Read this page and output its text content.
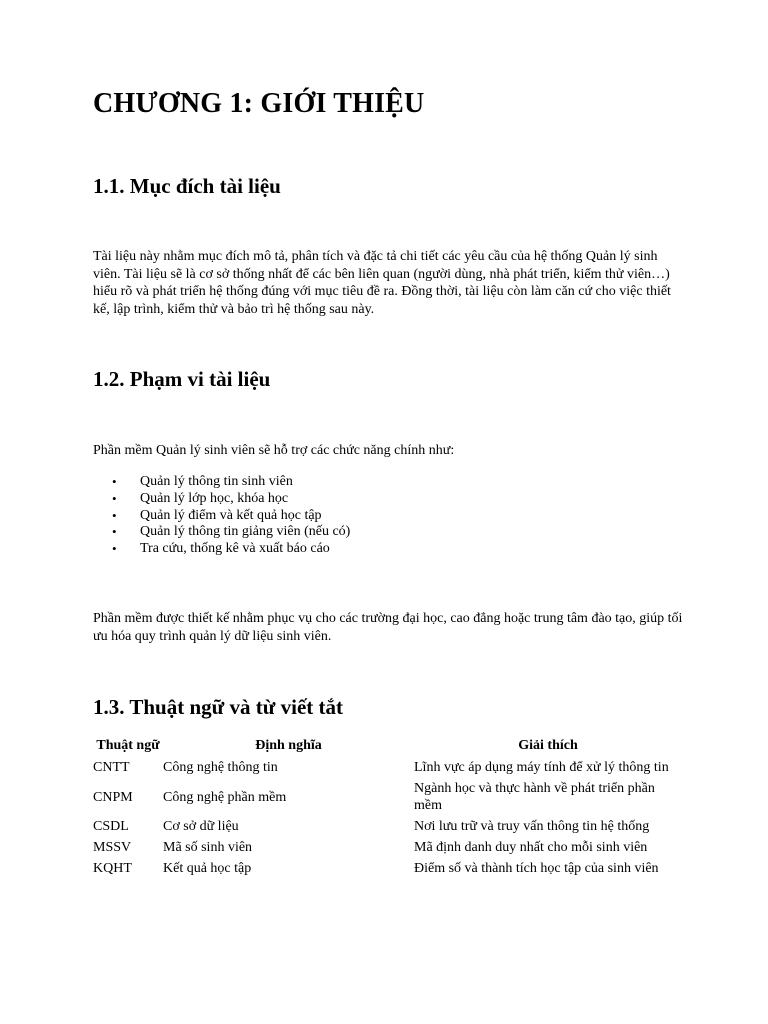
CHƯƠNG 1: GIỚI THIỆU
1.1. Mục đích tài liệu

Tài liệu này nhằm mục đích mô tả, phân tích và đặc tả chi tiết các yêu cầu của hệ thống Quản lý sinh viên. Tài liệu sẽ là cơ sở thống nhất để các bên liên quan (người dùng, nhà phát triển, kiểm thử viên…) hiểu rõ và phát triển hệ thống đúng với mục tiêu đề ra. Đồng thời, tài liệu còn làm căn cứ cho việc thiết kế, lập trình, kiểm thử và bảo trì hệ thống sau này.

1.2. Phạm vi tài liệu

Phần mềm Quản lý sinh viên sẽ hỗ trợ các chức năng chính như:

• Quản lý thông tin sinh viên
• Quản lý lớp học, khóa học
• Quản lý điểm và kết quả học tập
• Quản lý thông tin giảng viên (nếu có)
• Tra cứu, thống kê và xuất báo cáo

Phần mềm được thiết kế nhằm phục vụ cho các trường đại học, cao đẳng hoặc trung tâm đào tạo, giúp tối ưu hóa quy trình quản lý dữ liệu sinh viên.

1.3. Thuật ngữ và từ viết tắt
Thuật ngữ	Định nghĩa	Giải thích
CNTT	Công nghệ thông tin	Lĩnh vực áp dụng máy tính để xử lý thông tin
CNPM	Công nghệ phần mềm	Ngành học và thực hành về phát triển phần mềm
CSDL	Cơ sở dữ liệu	Nơi lưu trữ và truy vấn thông tin hệ thống
MSSV	Mã số sinh viên	Mã định danh duy nhất cho mỗi sinh viên
KQHT	Kết quả học tập	Điểm số và thành tích học tập của sinh viên
